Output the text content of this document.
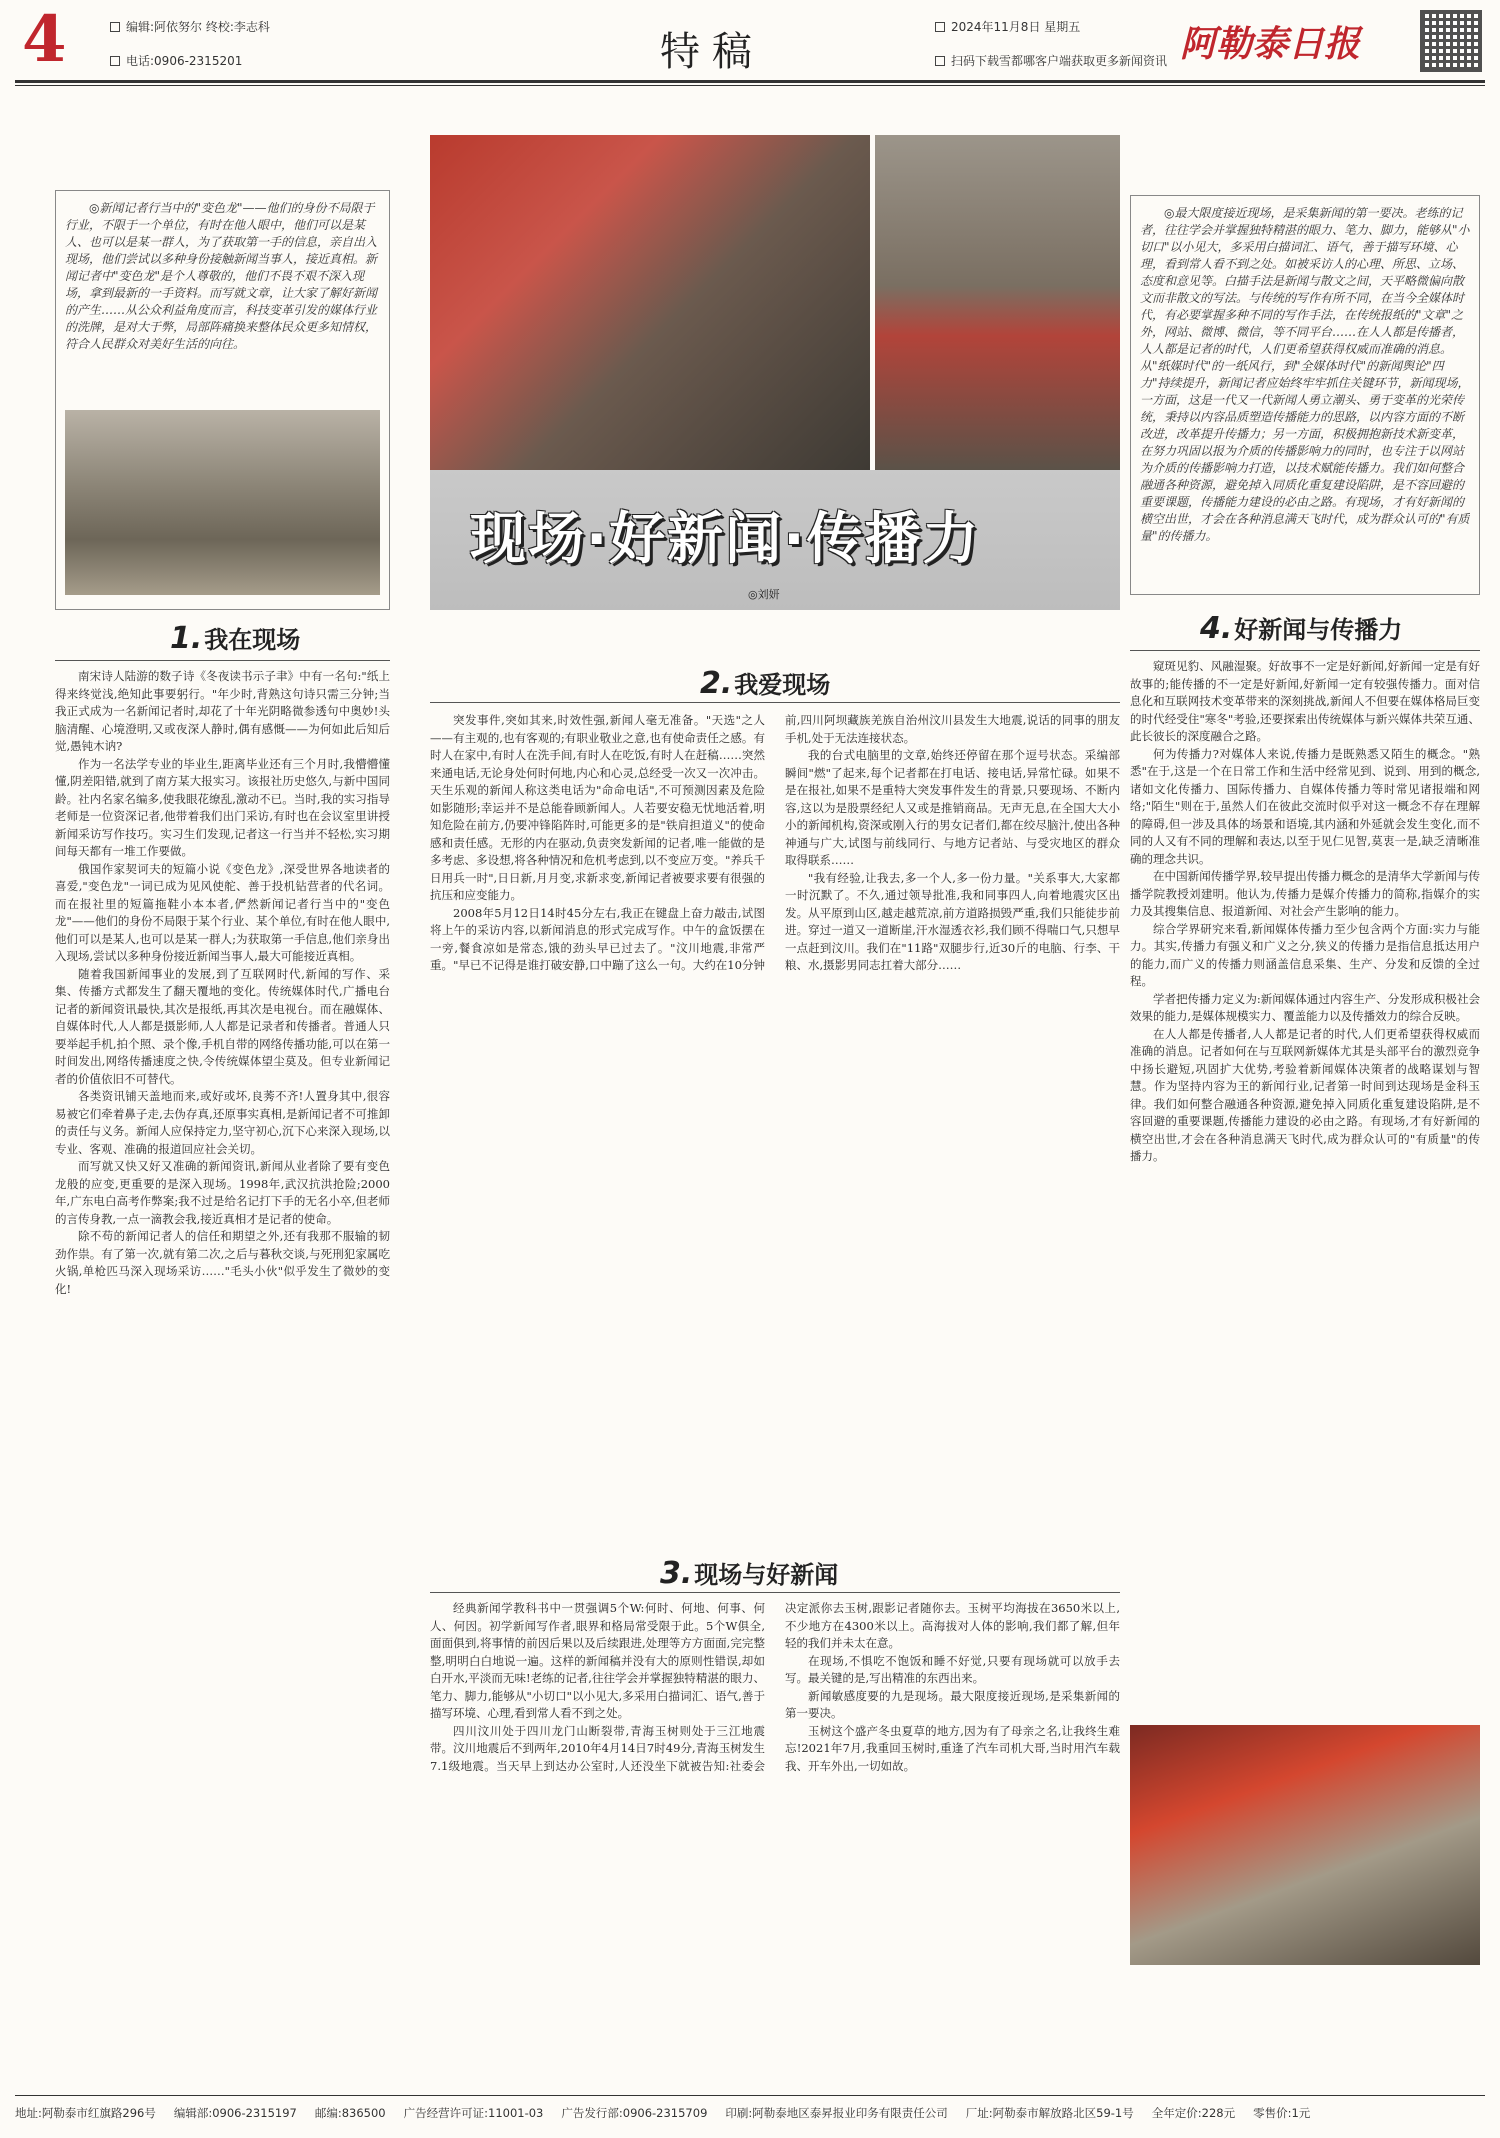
4	编辑:阿依努尔 终校:李志科
电话:0906-2315201	特稿
2024年11月8日 星期五
扫码下载雪都哪客户端获取更多新闻资讯 阿勒泰日报

◎新闻记者行当中的"变色龙"——他们的身份不局限于行业，不限于一个单位，有时在他人眼中，他们可以是某人、也可以是某一群人，为了获取第一手的信息，亲自出入现场，他们尝试以多种身份接触新闻当事人，接近真相。新闻记者中"变色龙"是个人尊敬的，他们不畏不艰不深入现场，拿到最新的一手资料。而写就文章，让大家了解好新闻的产生……从公众利益角度而言，科技变革引发的媒体行业的洗牌，是对大于弊，局部阵痛换来整体民众更多知情权，符合人民群众对美好生活的向往。

现场·好新闻·传播力
◎刘妍

◎最大限度接近现场，是采集新闻的第一要决。老练的记者，往往学会并掌握独特精湛的眼力、笔力、脚力，能够从"小切口"以小见大，多采用白描词汇、语气，善于描写环境、心理，看到常人看不到之处。如被采访人的心理、所思、立场、态度和意见等。白描手法是新闻与散文之间，天平略微偏向散文而非散文的写法。与传统的写作有所不同，在当今全媒体时代，有必要掌握多种不同的写作手法，在传统报纸的"文章"之外，网站、微博、微信，等不同平台……在人人都是传播者，人人都是记者的时代，人们更希望获得权威而准确的消息。从"纸媒时代"的一纸风行，到"全媒体时代"的新闻舆论"四力"持续提升，新闻记者应始终牢牢抓住关键环节，新闻现场，一方面，这是一代又一代新闻人勇立潮头、勇于变革的光荣传统，秉持以内容品质塑造传播能力的思路，以内容方面的不断改进，改革提升传播力；另一方面，积极拥抱新技术新变革，在努力巩固以报为介质的传播影响力的同时，也专注于以网站为介质的传播影响力打造，以技术赋能传播力。我们如何整合融通各种资源，避免掉入同质化重复建设陷阱，是不容回避的重要课题，传播能力建设的必由之路。有现场，才有好新闻的横空出世，才会在各种消息满天飞时代，成为群众认可的"有质量"的传播力。

1. 我在现场

南宋诗人陆游的数子诗《冬夜读书示子聿》中有一名句:"纸上得来终觉浅,绝知此事要躬行。"年少时,背熟这句诗只需三分钟;当我正式成为一名新闻记者时,却花了十年光阴略微参透句中奥妙!头脑清醒、心境澄明,又或夜深人静时,偶有感慨——为何如此后知后觉,愚钝木讷?

作为一名法学专业的毕业生,距离毕业还有三个月时,我懵懵懂懂,阴差阳错,就到了南方某大报实习。该报社历史悠久,与新中国同龄。社内名家名编多,使我眼花缭乱,激动不已。当时,我的实习指导老师是一位资深记者,他带着我们出门采访,有时也在会议室里讲授新闻采访写作技巧。实习生们发现,记者这一行当并不轻松,实习期间每天都有一堆工作要做。

俄国作家契诃夫的短篇小说《变色龙》,深受世界各地读者的喜爱,"变色龙"一词已成为见风使舵、善于投机钻营者的代名词。而在报社里的短篇拖鞋小本本者,俨然新闻记者行当中的"变色龙"——他们的身份不局限于某个行业、某个单位,有时在他人眼中,他们可以是某人,也可以是某一群人;为获取第一手信息,他们亲身出入现场,尝试以多种身份接近新闻当事人,最大可能接近真相。

随着我国新闻事业的发展,到了互联网时代,新闻的写作、采集、传播方式都发生了翻天覆地的变化。传统媒体时代,广播电台记者的新闻资讯最快,其次是报纸,再其次是电视台。而在融媒体、自媒体时代,人人都是摄影师,人人都是记录者和传播者。普通人只要举起手机,拍个照、录个像,手机自带的网络传播功能,可以在第一时间发出,网络传播速度之快,令传统媒体望尘莫及。但专业新闻记者的价值依旧不可替代。

各类资讯铺天盖地而来,或好或坏,良莠不齐!人置身其中,很容易被它们牵着鼻子走,去伪存真,还原事实真相,是新闻记者不可推卸的责任与义务。新闻人应保持定力,坚守初心,沉下心来深入现场,以专业、客观、准确的报道回应社会关切。

而写就又快又好又准确的新闻资讯,新闻从业者除了要有变色龙般的应变,更重要的是深入现场。1998年,武汉抗洪抢险;2000年,广东电白高考作弊案;我不过是给名记打下手的无名小卒,但老师的言传身教,一点一滴教会我,接近真相才是记者的使命。

除不苟的新闻记者人的信任和期望之外,还有我那不服输的韧劲作祟。有了第一次,就有第二次,之后与暮秋交谈,与死刑犯家属吃火锅,单枪匹马深入现场采访……"毛头小伙"似乎发生了微妙的变化!

2. 我爱现场

突发事件,突如其来,时效性强,新闻人毫无准备。"天选"之人——有主观的,也有客观的;有职业敬业之意,也有使命责任之感。有时人在家中,有时人在洗手间,有时人在吃饭,有时人在赶稿……突然来通电话,无论身处何时何地,内心和心灵,总经受一次又一次冲击。天生乐观的新闻人称这类电话为"命命电话",不可预测因素及危险如影随形;幸运并不是总能眷顾新闻人。人若要安稳无忧地活着,明知危险在前方,仍要冲锋陷阵时,可能更多的是"铁肩担道义"的使命感和责任感。无形的内在驱动,负责突发新闻的记者,唯一能做的是多考虑、多设想,将各种情况和危机考虑到,以不变应万变。"养兵千日用兵一时",日日新,月月变,求新求变,新闻记者被要求要有很强的抗压和应变能力。

2008年5月12日14时45分左右,我正在键盘上奋力敲击,试图将上午的采访内容,以新闻消息的形式完成写作。中午的盒饭摆在一旁,餐食凉如是常态,饿的劲头早已过去了。"汶川地震,非常严重。"早已不记得是谁打破安静,口中蹦了这么一句。大约在10分钟前,四川阿坝藏族羌族自治州汶川县发生大地震,说话的同事的朋友手机,处于无法连接状态。

我的台式电脑里的文章,始终还停留在那个逗号状态。采编部瞬间"燃"了起来,每个记者都在打电话、接电话,异常忙碌。如果不是在报社,如果不是重特大突发事件发生的背景,只要现场、不断内容,这以为是股票经纪人又或是推销商品。无声无息,在全国大大小小的新闻机构,资深或刚入行的男女记者们,都在绞尽脑汁,使出各种神通与广大,试图与前线同行、与地方记者站、与受灾地区的群众取得联系……

"我有经验,让我去,多一个人,多一份力量。"关系事大,大家都一时沉默了。不久,通过领导批准,我和同事四人,向着地震灾区出发。从平原到山区,越走越荒凉,前方道路损毁严重,我们只能徒步前进。穿过一道又一道断崖,汗水湿透衣衫,我们顾不得喘口气,只想早一点赶到汶川。我们在"11路"双腿步行,近30斤的电脑、行李、干粮、水,摄影男同志扛着大部分……

3. 现场与好新闻

经典新闻学教科书中一贯强调5个W:何时、何地、何事、何人、何因。初学新闻写作者,眼界和格局常受限于此。5个W俱全,面面俱到,将事情的前因后果以及后续跟进,处理等方方面面,完完整整,明明白白地说一遍。这样的新闻稿并没有大的原则性错误,却如白开水,平淡而无味!老练的记者,往往学会并掌握独特精湛的眼力、笔力、脚力,能够从"小切口"以小见大,多采用白描词汇、语气,善于描写环境、心理,看到常人看不到之处。

四川汶川处于四川龙门山断裂带,青海玉树则处于三江地震带。汶川地震后不到两年,2010年4月14日7时49分,青海玉树发生7.1级地震。当天早上到达办公室时,人还没坐下就被告知:社委会决定派你去玉树,跟影记者随你去。玉树平均海拔在3650米以上,不少地方在4300米以上。高海拔对人体的影响,我们都了解,但年轻的我们并未太在意。

在现场,不惧吃不饱饭和睡不好觉,只要有现场就可以放手去写。最关键的是,写出精准的东西出来。

新闻敏感度要的九是现场。最大限度接近现场,是采集新闻的第一要决。

玉树这个盛产冬虫夏草的地方,因为有了母亲之名,让我终生难忘!2021年7月,我重回玉树时,重逢了汽车司机大哥,当时用汽车载我、开车外出,一切如故。

4. 好新闻与传播力

窥斑见豹、风融湿聚。好故事不一定是好新闻,好新闻一定是有好故事的;能传播的不一定是好新闻,好新闻一定有较强传播力。面对信息化和互联网技术变革带来的深刻挑战,新闻人不但要在媒体格局巨变的时代经受住"寒冬"考验,还要探索出传统媒体与新兴媒体共荣互通、此长彼长的深度融合之路。

何为传播力?对媒体人来说,传播力是既熟悉又陌生的概念。"熟悉"在于,这是一个在日常工作和生活中经常见到、说到、用到的概念,诸如文化传播力、国际传播力、自媒体传播力等时常见诸报端和网络;"陌生"则在于,虽然人们在彼此交流时似乎对这一概念不存在理解的障碍,但一涉及具体的场景和语境,其内涵和外延就会发生变化,而不同的人又有不同的理解和表达,以至于见仁见智,莫衷一是,缺乏清晰准确的理念共识。

在中国新闻传播学界,较早提出传播力概念的是清华大学新闻与传播学院教授刘建明。他认为,传播力是媒介传播力的简称,指媒介的实力及其搜集信息、报道新闻、对社会产生影响的能力。

综合学界研究来看,新闻媒体传播力至少包含两个方面:实力与能力。其实,传播力有强义和广义之分,狭义的传播力是指信息抵达用户的能力,而广义的传播力则涵盖信息采集、生产、分发和反馈的全过程。

学者把传播力定义为:新闻媒体通过内容生产、分发形成积极社会效果的能力,是媒体规模实力、覆盖能力以及传播效力的综合反映。

在人人都是传播者,人人都是记者的时代,人们更希望获得权威而准确的消息。记者如何在与互联网新媒体尤其是头部平台的激烈竞争中扬长避短,巩固扩大优势,考验着新闻媒体决策者的战略谋划与智慧。作为坚持内容为王的新闻行业,记者第一时间到达现场是金科玉律。我们如何整合融通各种资源,避免掉入同质化重复建设陷阱,是不容回避的重要课题,传播能力建设的必由之路。有现场,才有好新闻的横空出世,才会在各种消息满天飞时代,成为群众认可的"有质量"的传播力。

地址:阿勒泰市红旗路296号 编辑部:0906-2315197 邮编:836500 广告经营许可证:11001-03 广告发行部:0906-2315709 印刷:阿勒泰地区泰昇报业印务有限责任公司 厂址:阿勒泰市解放路北区59-1号 全年定价:228元 零售价:1元
